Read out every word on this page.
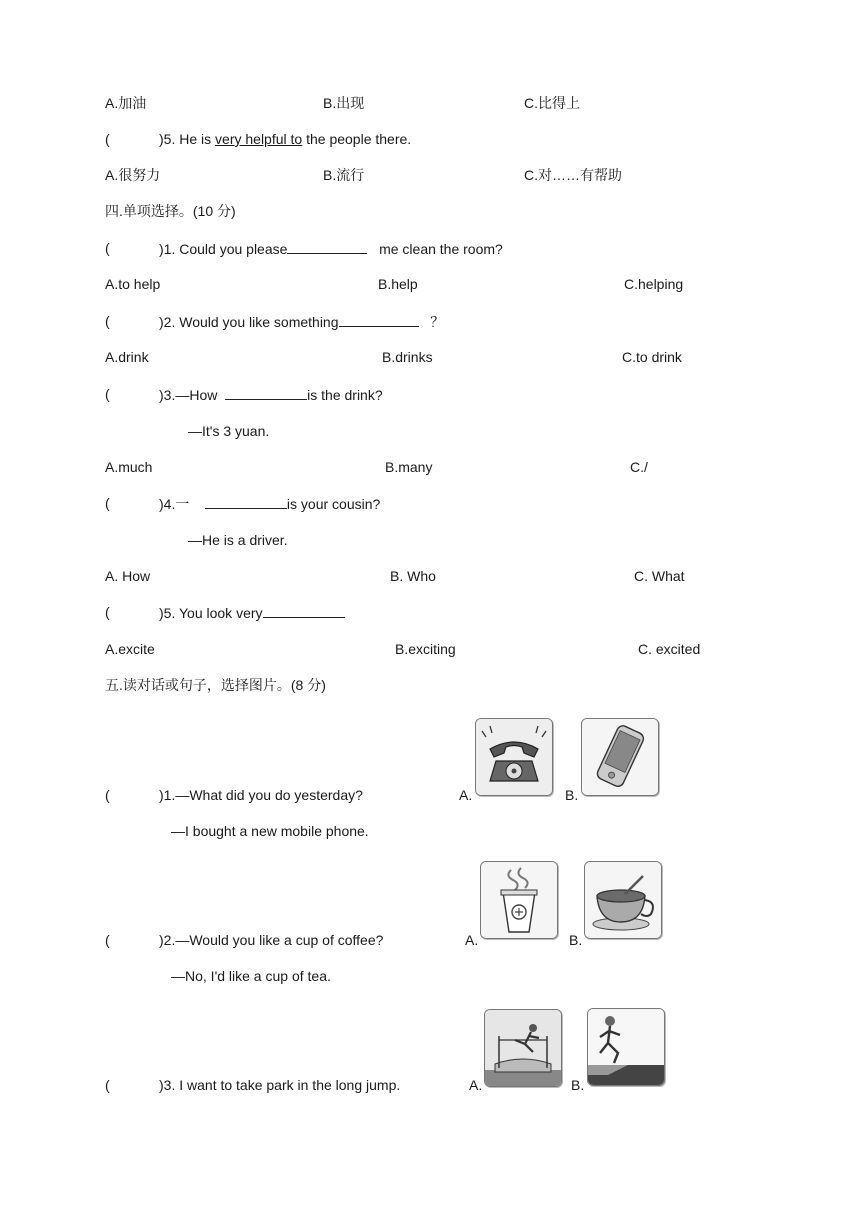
A.加油	B.出现	C.比得上
(	)5. He is very helpful to the people there.
A.很努力	B.流行	C.对……有帮助
四.单项选择。(10 分)
(	)1. Could you please	me clean the room?
A.to help	B.help	C.helping
(	)2. Would you like something	？
A.drink	B.drinks	C.to drink
(	)3.—How	is the drink?
—It's 3 yuan.
A.much	B.many	C./
(	)4.一	is your cousin?
—He is a driver.
A. How	B. Who	C. What
(	)5. You look very
A.excite	B.exciting	C. excited
五.读对话或句子，选择图片。(8 分)
(	)1.—What did you do yesterday?	A.	B.
—I bought a new mobile phone.
(	)2.—Would you like a cup of coffee?	A.	B.
—No, I'd like a cup of tea.
(	)3. I want to take park in the long jump.	A.	B.
